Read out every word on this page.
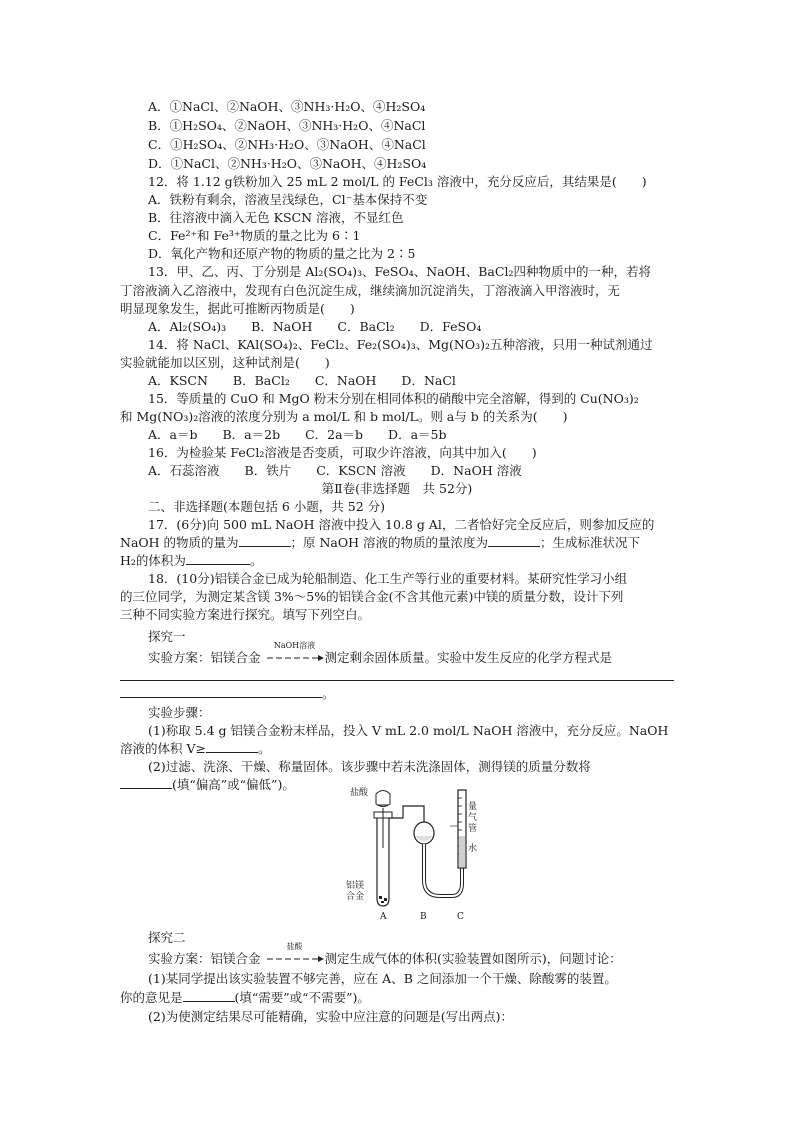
A．①NaCl、②NaOH、③NH₃·H₂O、④H₂SO₄
B．①H₂SO₄、②NaOH、③NH₃·H₂O、④NaCl
C．①H₂SO₄、②NH₃·H₂O、③NaOH、④NaCl
D．①NaCl、②NH₃·H₂O、③NaOH、④H₂SO₄
12．将 1.12 g铁粉加入 25 mL 2 mol/L 的 FeCl₃ 溶液中，充分反应后，其结果是(　　)
A．铁粉有剩余，溶液呈浅绿色，Cl⁻基本保持不变
B．往溶液中滴入无色 KSCN 溶液，不显红色
C．Fe²⁺和 Fe³⁺物质的量之比为 6∶1
D．氧化产物和还原产物的物质的量之比为 2∶5
13．甲、乙、丙、丁分别是 Al₂(SO₄)₃、FeSO₄、NaOH、BaCl₂四种物质中的一种，若将
丁溶液滴入乙溶液中，发现有白色沉淀生成，继续滴加沉淀消失，丁溶液滴入甲溶液时，无
明显现象发生，据此可推断丙物质是(　　)
A．Al₂(SO₄)₃　　B．NaOH　　C．BaCl₂　　D．FeSO₄
14．将 NaCl、KAl(SO₄)₂、FeCl₂、Fe₂(SO₄)₃、Mg(NO₃)₂五种溶液，只用一种试剂通过
实验就能加以区别，这种试剂是(　　)
A．KSCN　　B．BaCl₂　　C．NaOH　　D．NaCl
15．等质量的 CuO 和 MgO 粉末分别在相同体积的硝酸中完全溶解，得到的 Cu(NO₃)₂
和 Mg(NO₃)₂溶液的浓度分别为 a mol/L 和 b mol/L。则 a与 b 的关系为(　　)
A．a＝b　　B．a＝2b　　C．2a＝b　　D．a＝5b
16．为检验某 FeCl₂溶液是否变质，可取少许溶液，向其中加入(　　)
A．石蕊溶液　　B．铁片　　C．KSCN 溶液　　D．NaOH 溶液
第Ⅱ卷(非选择题　共 52分)
二、非选择题(本题包括 6 小题，共 52 分)
17．(6分)向 500 mL NaOH 溶液中投入 10.8 g Al，二者恰好完全反应后，则参加反应的
NaOH 的物质的量为	；原 NaOH 溶液的物质的量浓度为	；生成标准状况下
H₂的体积为	。
18．(10分)铝镁合金已成为轮船制造、化工生产等行业的重要材料。某研究性学习小组
的三位同学，为测定某含镁 3%～5%的铝镁合金(不含其他元素)中镁的质量分数，设计下列
三种不同实验方案进行探究。填写下列空白。
探究一
实验方案：铝镁合金
NaOH溶液
测定剩余固体质量。实验中发生反应的化学方程式是
。
实验步骤：
(1)称取 5.4 g 铝镁合金粉末样品，投入 V mL 2.0 mol/L NaOH 溶液中，充分反应。NaOH
溶液的体积 V≥	。
(2)过滤、洗涤、干燥、称量固体。该步骤中若未洗涤固体，测得镁的质量分数将
(填“偏高”或“偏低”)。
盐酸
量气管
水
铝镁
合金
A	B	C
探究二
实验方案：铝镁合金
盐酸
测定生成气体的体积(实验装置如图所示)，问题讨论：
(1)某同学提出该实验装置不够完善，应在 A、B 之间添加一个干燥、除酸雾的装置。
你的意见是	(填“需要”或“不需要”)。
(2)为使测定结果尽可能精确，实验中应注意的问题是(写出两点)：
